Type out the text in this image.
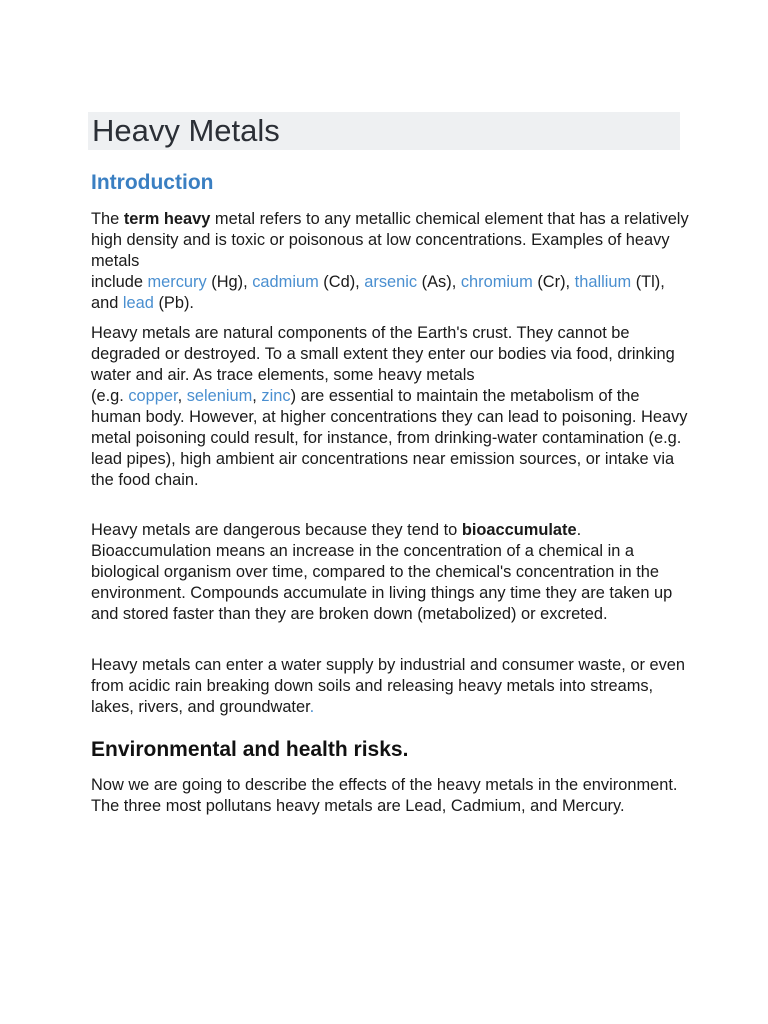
Heavy Metals
Introduction

The term heavy metal refers to any metallic chemical element that has a relatively high density and is toxic or poisonous at low concentrations. Examples of heavy metals
include mercury (Hg), cadmium (Cd), arsenic (As), chromium (Cr), thallium (Tl), and lead (Pb).

Heavy metals are natural components of the Earth's crust. They cannot be degraded or destroyed. To a small extent they enter our bodies via food, drinking water and air. As trace elements, some heavy metals
(e.g. copper, selenium, zinc) are essential to maintain the metabolism of the human body. However, at higher concentrations they can lead to poisoning. Heavy metal poisoning could result, for instance, from drinking-water contamination (e.g. lead pipes), high ambient air concentrations near emission sources, or intake via the food chain.

Heavy metals are dangerous because they tend to bioaccumulate. Bioaccumulation means an increase in the concentration of a chemical in a biological organism over time, compared to the chemical's concentration in the environment. Compounds accumulate in living things any time they are taken up and stored faster than they are broken down (metabolized) or excreted.

Heavy metals can enter a water supply by industrial and consumer waste, or even from acidic rain breaking down soils and releasing heavy metals into streams, lakes, rivers, and groundwater.

Environmental and health risks.

Now we are going to describe the effects of the heavy metals in the environment. The three most pollutans heavy metals are Lead, Cadmium, and Mercury.
